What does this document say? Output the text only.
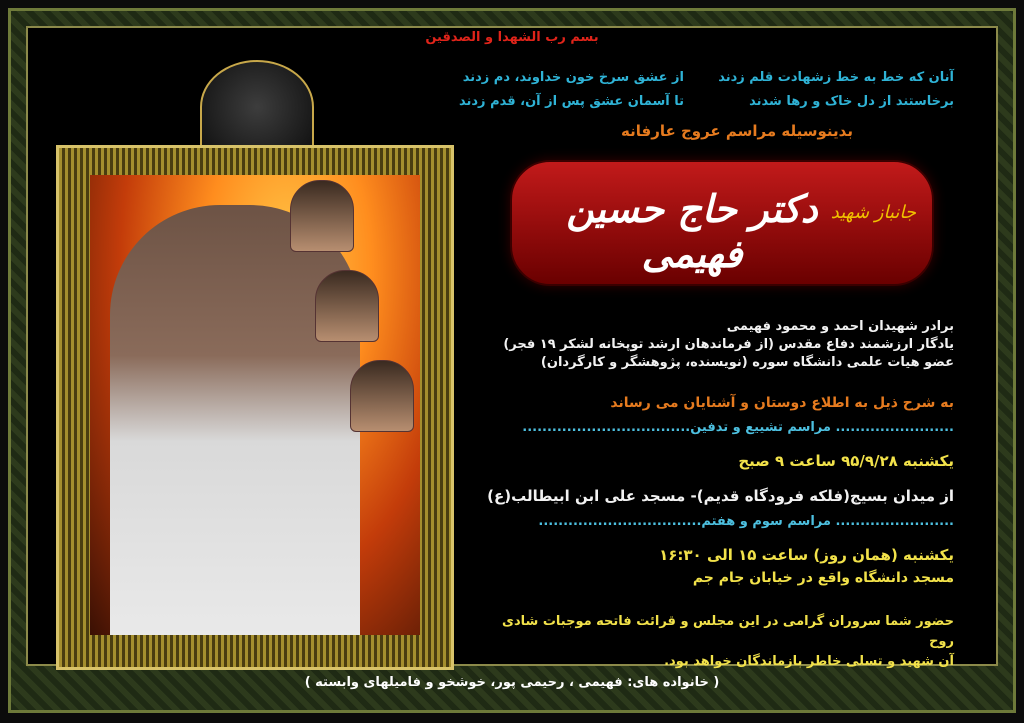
بسم رب الشهدا و الصدقین
آنان که خط به خط زشهادت قلم زدند
برخاستند از دل خاک و رها شدند
از عشق سرخ خون خداوند، دم زدند
تا آسمان عشق پس از آن، قدم زدند
بدینوسیله مراسم عروج عارفانه
جانباز شهید
دکتر حاج حسین فهیمی
برادر شهیدان احمد و محمود فهیمی
یادگار ارزشمند دفاع مقدس (از فرماندهان ارشد توپخانه لشکر ۱۹ فجر)
عضو هیات علمی دانشگاه سوره (نویسنده، پژوهشگر و کارگردان)
به شرح ذیل به اطلاع دوستان و آشنایان می رساند
........................ مراسم تشییع و تدفین..................................
یکشنبه ۹۵/۹/۲۸ ساعت ۹ صبح
از میدان بسیج(فلکه فرودگاه قدیم)- مسجد علی ابن ابیطالب(ع)
........................ مراسم سوم و هفتم.................................
یکشنبه (همان روز) ساعت ۱۵ الی ۱۶:۳۰
مسجد دانشگاه واقع در خیابان جام جم
حضور شما سروران گرامی در این مجلس و قرائت فاتحه موجبات شادی روح
آن شهید و تسلی خاطر بازماندگان خواهد بود.
( خانواده های: فهیمی ، رحیمی پور، خوشخو و فامیلهای وابسته )
